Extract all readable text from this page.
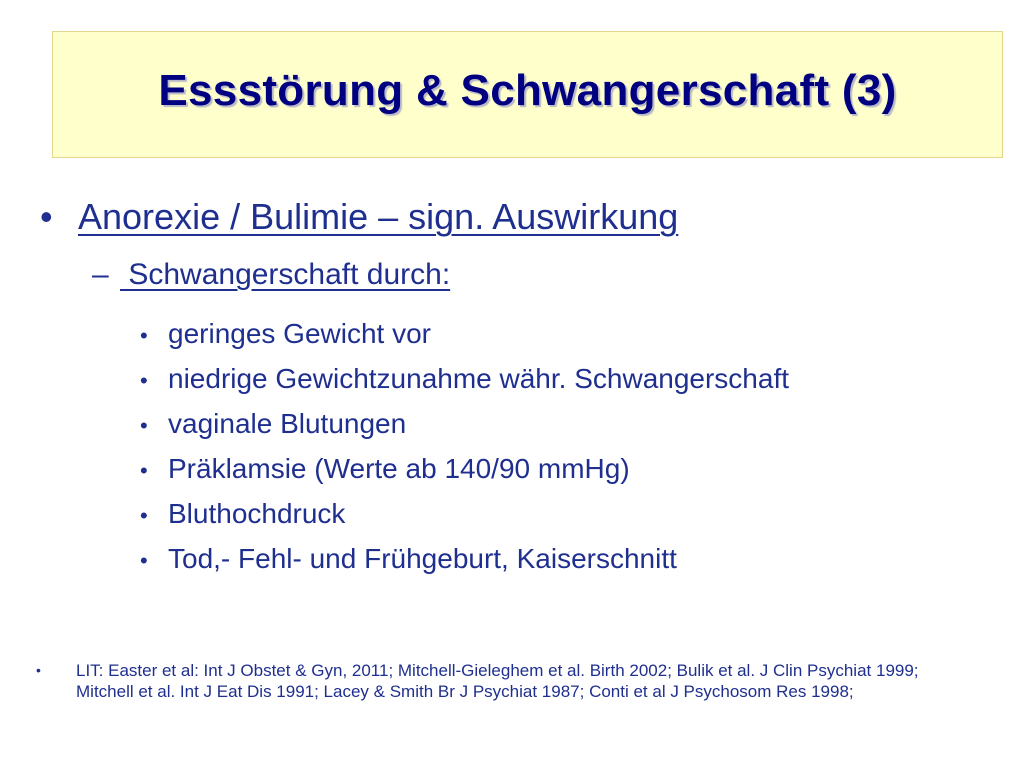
Essstörung & Schwangerschaft (3)
• Anorexie / Bulimie – sign. Auswirkung
– Schwangerschaft durch:
• geringes Gewicht vor
• niedrige Gewichtzunahme währ. Schwangerschaft
• vaginale Blutungen
• Präklamsie (Werte ab 140/90 mmHg)
• Bluthochdruck
• Tod,- Fehl- und Frühgeburt, Kaiserschnitt
•	LIT: Easter et al: Int J Obstet & Gyn, 2011; Mitchell-Gieleghem et al. Birth 2002; Bulik et al. J Clin Psychiat 1999; Mitchell et al. Int J Eat Dis 1991; Lacey & Smith Br J Psychiat 1987; Conti et al J Psychosom Res 1998;
